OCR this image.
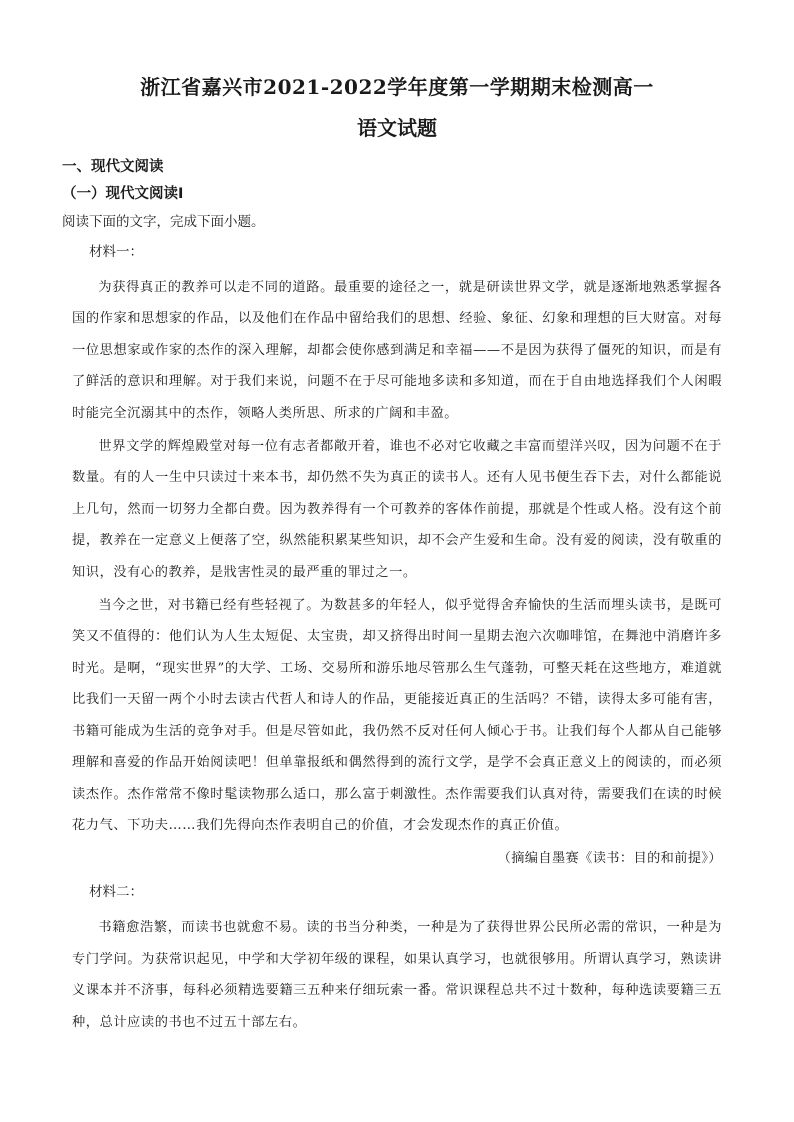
浙江省嘉兴市2021-2022学年度第一学期期末检测高一
语文试题
一、现代文阅读
（一）现代文阅读Ⅰ
阅读下面的文字，完成下面小题。
材料一：

为获得真正的教养可以走不同的道路。最重要的途径之一，就是研读世界文学，就是逐渐地熟悉掌握各国的作家和思想家的作品，以及他们在作品中留给我们的思想、经验、象征、幻象和理想的巨大财富。对每一位思想家或作家的杰作的深入理解，却都会使你感到满足和幸福——不是因为获得了僵死的知识，而是有了鲜活的意识和理解。对于我们来说，问题不在于尽可能地多读和多知道，而在于自由地选择我们个人闲暇时能完全沉溺其中的杰作，领略人类所思、所求的广阔和丰盈。

世界文学的辉煌殿堂对每一位有志者都敞开着，谁也不必对它收藏之丰富而望洋兴叹，因为问题不在于数量。有的人一生中只读过十来本书，却仍然不失为真正的读书人。还有人见书便生吞下去，对什么都能说上几句，然而一切努力全都白费。因为教养得有一个可教养的客体作前提，那就是个性或人格。没有这个前提，教养在一定意义上便落了空，纵然能积累某些知识，却不会产生爱和生命。没有爱的阅读，没有敬重的知识，没有心的教养，是戕害性灵的最严重的罪过之一。

当今之世，对书籍已经有些轻视了。为数甚多的年轻人，似乎觉得舍弃愉快的生活而埋头读书，是既可笑又不值得的：他们认为人生太短促、太宝贵，却又挤得出时间一星期去泡六次咖啡馆，在舞池中消磨许多时光。是啊，“现实世界”的大学、工场、交易所和游乐地尽管那么生气蓬勃，可整天耗在这些地方，难道就比我们一天留一两个小时去读古代哲人和诗人的作品，更能接近真正的生活吗？不错，读得太多可能有害，书籍可能成为生活的竞争对手。但是尽管如此，我仍然不反对任何人倾心于书。让我们每个人都从自己能够理解和喜爱的作品开始阅读吧！但单靠报纸和偶然得到的流行文学，是学不会真正意义上的阅读的，而必须读杰作。杰作常常不像时髦读物那么适口，那么富于刺激性。杰作需要我们认真对待，需要我们在读的时候花力气、下功夫……我们先得向杰作表明自己的价值，才会发现杰作的真正价值。

（摘编自墨赛《读书：目的和前提》）
材料二：

书籍愈浩繁，而读书也就愈不易。读的书当分种类，一种是为了获得世界公民所必需的常识，一种是为专门学问。为获常识起见，中学和大学初年级的课程，如果认真学习，也就很够用。所谓认真学习，熟读讲义课本并不济事，每科必须精选要籍三五种来仔细玩索一番。常识课程总共不过十数种，每种选读要籍三五种，总计应读的书也不过五十部左右。
